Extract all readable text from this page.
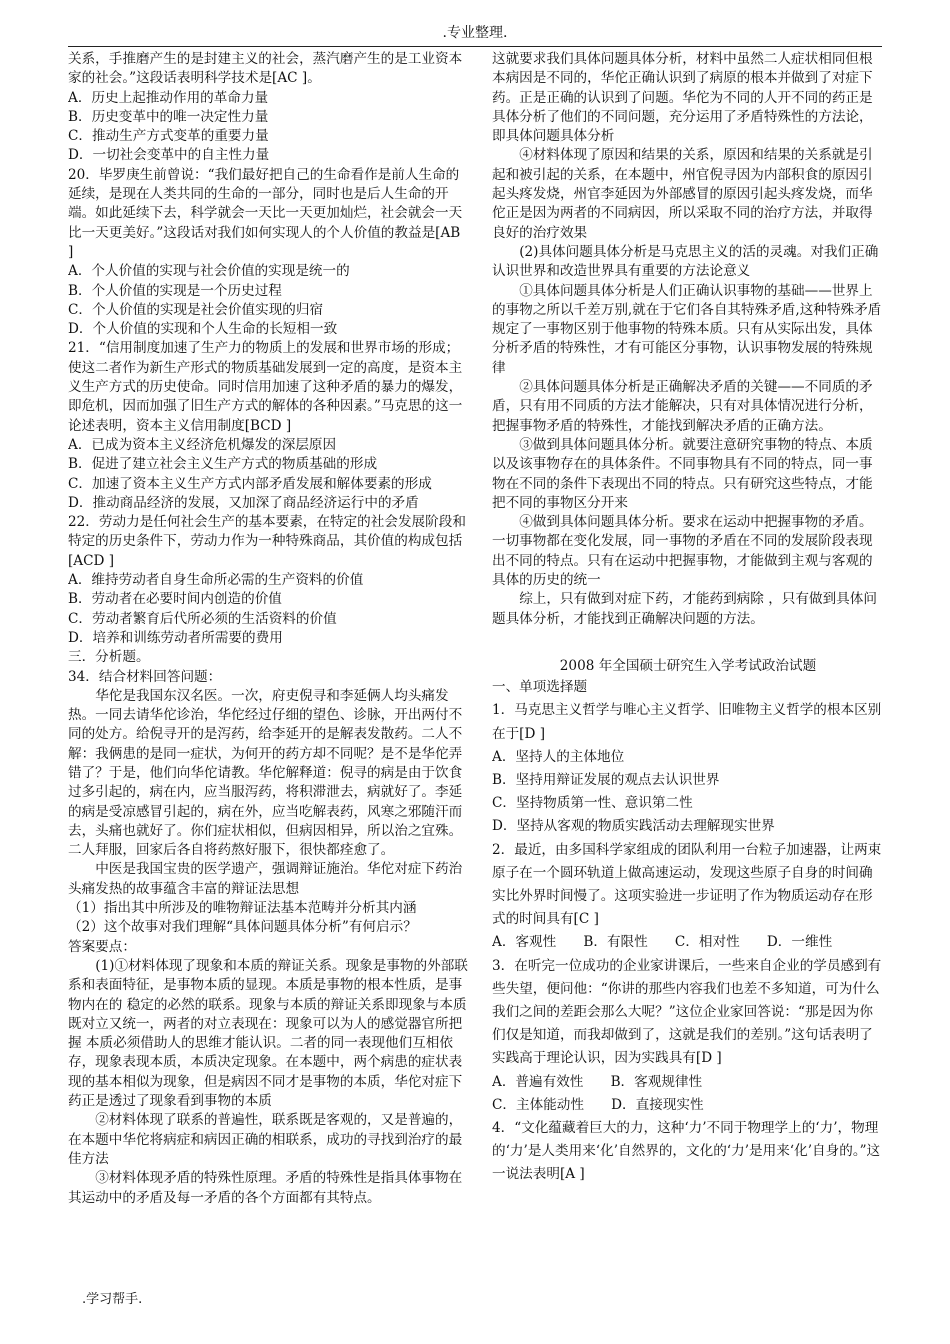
.专业整理.

关系，手推磨产生的是封建主义的社会，蒸汽磨产生的是工业资本家的社会。”这段话表明科学技术是[AC ]。

A．历史上起推动作用的革命力量

B．历史变革中的唯一决定性力量

C．推动生产方式变革的重要力量

D．一切社会变革中的自主性力量

20．毕罗庚生前曾说：“我们最好把自己的生命看作是前人生命的延续，是现在人类共同的生命的一部分，同时也是后人生命的开端。如此延续下去，科学就会一天比一天更加灿烂，社会就会一天比一天更美好。”这段话对我们如何实现人的个人价值的教益是[AB ]

A．个人价值的实现与社会价值的实现是统一的

B．个人价值的实现是一个历史过程

C．个人价值的实现是社会价值实现的归宿

D．个人价值的实现和个人生命的长短相一致

21．“信用制度加速了生产力的物质上的发展和世界市场的形成；使这二者作为新生产形式的物质基础发展到一定的高度，是资本主义生产方式的历史使命。同时信用加速了这种矛盾的暴力的爆发，即危机，因而加强了旧生产方式的解体的各种因素。”马克思的这一论述表明，资本主义信用制度[BCD ]

A．已成为资本主义经济危机爆发的深层原因

B．促进了建立社会主义生产方式的物质基础的形成

C．加速了资本主义生产方式内部矛盾发展和解体要素的形成

D．推动商品经济的发展，又加深了商品经济运行中的矛盾

22．劳动力是任何社会生产的基本要素，在特定的社会发展阶段和特定的历史条件下，劳动力作为一种特殊商品，其价值的构成包括[ACD ]

A．维持劳动者自身生命所必需的生产资料的价值

B．劳动者在必要时间内创造的价值

C．劳动者繁育后代所必须的生活资料的价值

D．培养和训练劳动者所需要的费用

三．分析题。

34．结合材料回答问题：

华佗是我国东汉名医。一次，府吏倪寻和李延俩人均头痛发热。一同去请华佗诊治，华佗经过仔细的望色、诊脉，开出两付不同的处方。给倪寻开的是泻药，给李延开的是解表发散药。二人不解：我俩患的是同一症状，为何开的药方却不同呢？是不是华佗弄错了？于是，他们向华佗请教。华佗解释道：倪寻的病是由于饮食过多引起的，病在内，应当服泻药，将积滞泄去，病就好了。李延的病是受凉感冒引起的，病在外，应当吃解表药，风寒之邪随汗而去，头痛也就好了。你们症状相似，但病因相异，所以治之宜殊。二人拜服，回家后各自将药熬好服下，很快都痊愈了。

中医是我国宝贵的医学遗产，强调辩证施治。华佗对症下药治头痛发热的故事蕴含丰富的辩证法思想

（1）指出其中所涉及的唯物辩证法基本范畴并分析其内涵

（2）这个故事对我们理解“具体问题具体分析”有何启示？

答案要点：

(1)①材料体现了现象和本质的辩证关系。现象是事物的外部联系和表面特征，是事物本质的显现。本质是事物的根本性质，是事物内在的 稳定的必然的联系。现象与本质的辩证关系即现象与本质既对立又统一，两者的对立表现在：现象可以为人的感觉器官所把握 本质必须借助人的思维才能认识。二者的同一表现他们互相依存，现象表现本质，本质决定现象。在本题中，两个病患的症状表现的基本相似为现象，但是病因不同才是事物的本质，华佗对症下药正是透过了现象看到事物的本质

②材料体现了联系的普遍性，联系既是客观的，又是普遍的，在本题中华佗将病症和病因正确的相联系，成功的寻找到治疗的最佳方法

③材料体现矛盾的特殊性原理。矛盾的特殊性是指具体事物在其运动中的矛盾及每一矛盾的各个方面都有其特点。

这就要求我们具体问题具体分析，材料中虽然二人症状相同但根本病因是不同的，华佗正确认识到了病原的根本并做到了对症下药。正是正确的认识到了问题。华佗为不同的人开不同的药正是具体分析了他们的不同问题，充分运用了矛盾特殊性的方法论，即具体问题具体分析

④材料体现了原因和结果的关系，原因和结果的关系就是引起和被引起的关系，在本题中，州官倪寻因为内部积食的原因引起头疼发烧，州官李延因为外部感冒的原因引起头疼发烧，而华佗正是因为两者的不同病因，所以采取不同的治疗方法，并取得良好的治疗效果

(2)具体问题具体分析是马克思主义的活的灵魂。对我们正确认识世界和改造世界具有重要的方法论意义

①具体问题具体分析是人们正确认识事物的基础——世界上的事物之所以千差万别,就在于它们各自其特殊矛盾,这种特殊矛盾规定了一事物区别于他事物的特殊本质。只有从实际出发，具体分析矛盾的特殊性，才有可能区分事物，认识事物发展的特殊规律

②具体问题具体分析是正确解决矛盾的关键——不同质的矛盾，只有用不同质的方法才能解决，只有对具体情况进行分析，把握事物矛盾的特殊性，才能找到解决矛盾的正确方法。

③做到具体问题具体分析。就要注意研究事物的特点、本质以及该事物存在的具体条件。不同事物具有不同的特点，同一事物在不同的条件下表现出不同的特点。只有研究这些特点，才能把不同的事物区分开来

④做到具体问题具体分析。要求在运动中把握事物的矛盾。一切事物都在变化发展，同一事物的矛盾在不同的发展阶段表现出不同的特点。只有在运动中把握事物，才能做到主观与客观的具体的历史的统一

综上，只有做到对症下药，才能药到病除 ，只有做到具体问题具体分析，才能找到正确解决问题的方法。

2008 年全国硕士研究生入学考试政治试题

一、单项选择题

1．马克思主义哲学与唯心主义哲学、旧唯物主义哲学的根本区别在于[D ]

A．坚持人的主体地位

B．坚持用辩证发展的观点去认识世界

C．坚持物质第一性、意识第二性

D．坚持从客观的物质实践活动去理解现实世界

2．最近，由多国科学家组成的团队利用一台粒子加速器，让两束原子在一个圆环轨道上做高速运动，发现这些原子自身的时间确实比外界时间慢了。这项实验进一步证明了作为物质运动存在形式的时间具有[C ]

A．客观性　　B．有限性　　C．相对性　　D．一维性

3．在听完一位成功的企业家讲课后，一些来自企业的学员感到有些失望，便问他：“你讲的那些内容我们也差不多知道，可为什么我们之间的差距会那么大呢？”这位企业家回答说：“那是因为你们仅是知道，而我却做到了，这就是我们的差别。”这句话表明了实践高于理论认识，因为实践具有[D ]

A．普遍有效性　　B．客观规律性

C．主体能动性　　D．直接现实性

4．“文化蕴藏着巨大的力，这种‘力’不同于物理学上的‘力’，物理的‘力’是人类用来‘化’自然界的，文化的‘力’是用来‘化’自身的。”这一说法表明[A ]

.学习帮手.
